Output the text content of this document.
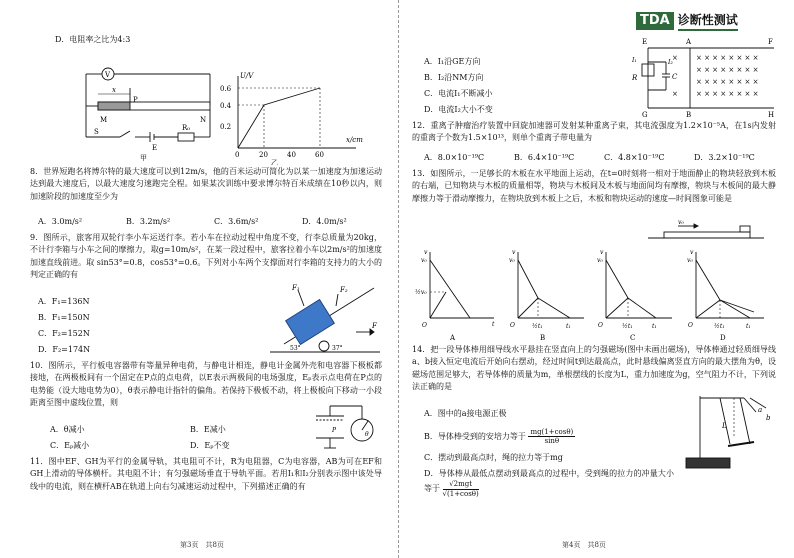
D．电阻率之比为4:3
V
x
P
M	N
S
E
R₀
甲
U/V
x/cm
0.6
0.4
0.2
0	20	40	60
乙
8．世界短跑名将博尔特的最大速度可以到12m/s，他的百米运动可简化为以某一加速度为加速运动达到最大速度后，以最大速度匀速跑完全程。如果某次训练中要求博尔特百米成绩在10秒以内，则加速阶段的加速度至少为
A．3.0m/s²	B．3.2m/s²	C．3.6m/s²	D．4.0m/s²
9．图所示，旅客用双轮行李小车运送行李。若小车在拉动过程中角度不变，行李总质量为20kg，不计行李箱与小车之间的摩擦力，取g=10m/s²，在某一段过程中，旅客拉着小车以2m/s²的加速度加速直线前进。取 sin53°=0.8，cos53°=0.6。下列对小车两个支撑面对行李箱的支持力的大小的判定正确的有
A．F₁=136N
B．F₁=150N
C．F₂=152N
D．F₂=174N
F₁	F₂
F
53°	37°
10．图所示，平行板电容器带有等量异种电荷，与静电计相连，静电计金属外壳和电容器下极板都接地，在两极板间有一个固定在P点的点电荷，以E表示两极间的电场强度，Eₚ表示点电荷在P点的电势能（设大地电势为0），θ表示静电计指针的偏角。若保持下极板不动，将上极板向下移动一小段距离至图中虚线位置，则
A．θ减小	B．E减小
C．Eₚ减小	D．Eₚ不变
P
θ
11．图中EF、GH为平行的金属导轨，其电阻可不计，R为电阻器，C为电容器，AB为可在EF和GH上滑动的导体横杆。其电阻不计；有匀强磁场垂直于导轨平面。若用I₁和I₂分别表示图中该处导线中的电流，则在横杆AB在轨道上向右匀减速运动过程中，下列描述正确的有
第3页　共8页
TDA 诊断性测试
A．I₁沿GE方向
B．I₂沿NM方向
C．电流I₁不断减小
D．电流I₂大小不变
× × × × × × × ×
× × × × × × × ×
× × × × × × × ×
× × × × × × × ×
×
×
E	A	F
I₁
R
I₂
C
G	B	H
12．重离子肿瘤治疗装置中回旋加速器可发射某种重离子束，其电流强度为1.2×10⁻⁵A，在1s内发射的重离子个数为1.5×10¹³，则单个重离子带电量为
A．8.0×10⁻¹⁹C	B．6.4×10⁻¹⁹C	C．4.8×10⁻¹⁹C	D．3.2×10⁻¹⁹C
13．如图所示，一足够长的木板在水平地面上运动，在t=0时刻将一相对于地面静止的物块轻放到木板的右端，已知物块与木板的质量相等，物块与木板间及木板与地面间均有摩擦，物块与木板间的最大静摩擦力等于滑动摩擦力，在物块放到木板上之后，木板和物块运动的速度—时间图象可能是
v₀
v
v₀
½v₀
O	t
v
v₀
O	½t₁	t₁
v
v₀
O	½t₁	t₁
v
v₀
O	½t₁	t₁
A	B	C	D
14．把一段导体棒用细导线水平悬挂在竖直向上的匀强磁场(图中未画出磁场)，导体棒通过轻质细导线a、b接入恒定电流后开始向右摆动，经过时间t到达最高点，此时悬线偏离竖直方向的最大摆角为θ，设磁场范围足够大，若导体棒的质量为m，单根摆线的长度为L，重力加速度为g，空气阻力不计，下列说法正确的是
A．图中的a接电源正极
B．导体棒受到的安培力等于 $\frac{mg(1+\cos\theta)}{\sin\theta}$
C．摆动到最高点时，绳的拉力等于mg
D．导体棒从最低点摆动到最高点的过程中，受到绳的拉力的冲量大小等于	√2mgt
√(1+cosθ)
a
b
L
第4页　共8页
